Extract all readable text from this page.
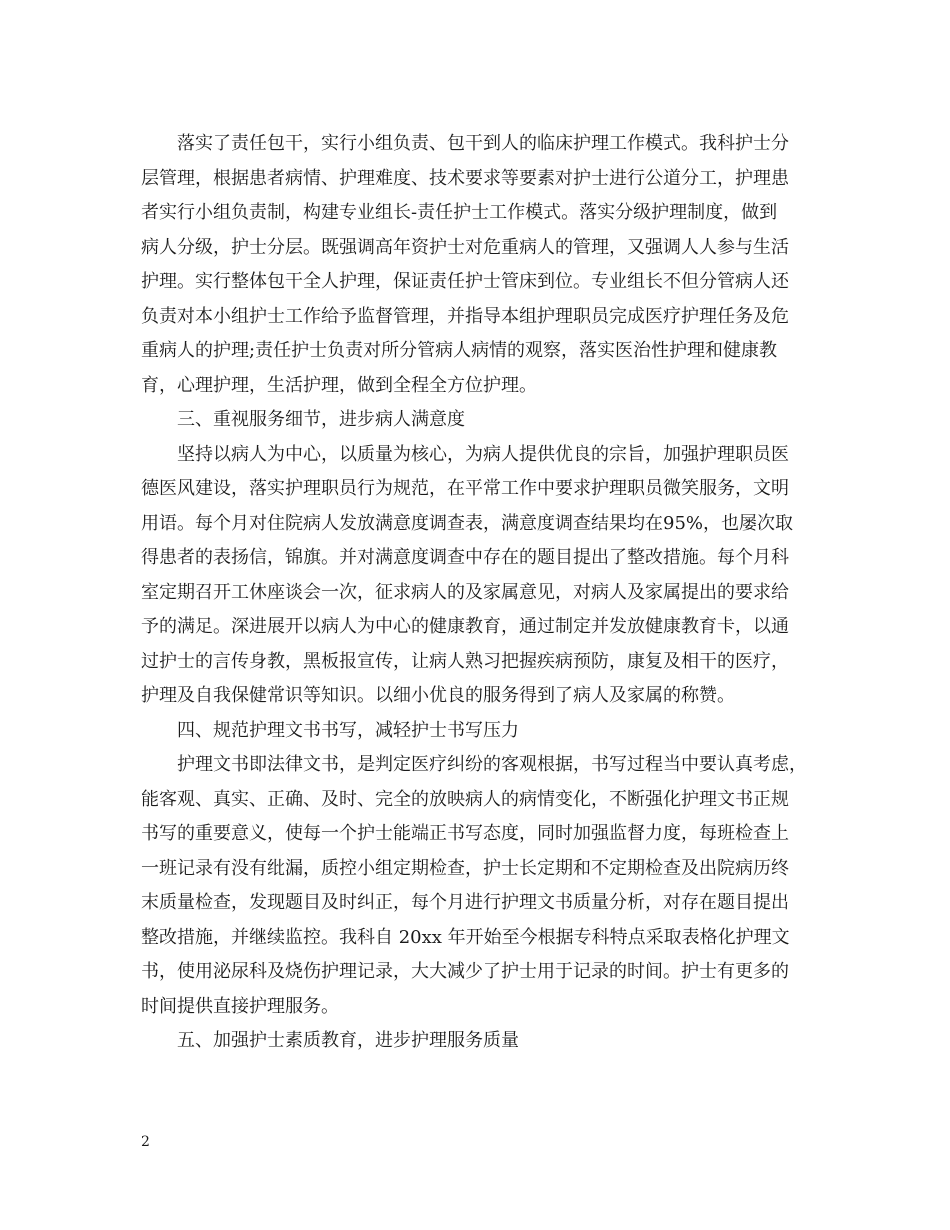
落实了责任包干，实行小组负责、包干到人的临床护理工作模式。我科护士分
层管理，根据患者病情、护理难度、技术要求等要素对护士进行公道分工，护理患
者实行小组负责制，构建专业组长-责任护士工作模式。落实分级护理制度，做到
病人分级，护士分层。既强调高年资护士对危重病人的管理，又强调人人参与生活
护理。实行整体包干全人护理，保证责任护士管床到位。专业组长不但分管病人还
负责对本小组护士工作给予监督管理，并指导本组护理职员完成医疗护理任务及危
重病人的护理;责任护士负责对所分管病人病情的观察，落实医治性护理和健康教
育，心理护理，生活护理，做到全程全方位护理。
三、重视服务细节，进步病人满意度
坚持以病人为中心，以质量为核心，为病人提供优良的宗旨，加强护理职员医
德医风建设，落实护理职员行为规范，在平常工作中要求护理职员微笑服务，文明
用语。每个月对住院病人发放满意度调查表，满意度调查结果均在95%，也屡次取
得患者的表扬信，锦旗。并对满意度调查中存在的题目提出了整改措施。每个月科
室定期召开工休座谈会一次，征求病人的及家属意见，对病人及家属提出的要求给
予的满足。深进展开以病人为中心的健康教育，通过制定并发放健康教育卡，以通
过护士的言传身教，黑板报宣传，让病人熟习把握疾病预防，康复及相干的医疗，
护理及自我保健常识等知识。以细小优良的服务得到了病人及家属的称赞。
四、规范护理文书书写，减轻护士书写压力
护理文书即法律文书，是判定医疗纠纷的客观根据，书写过程当中要认真考虑，
能客观、真实、正确、及时、完全的放映病人的病情变化，不断强化护理文书正规
书写的重要意义，使每一个护士能端正书写态度，同时加强监督力度，每班检查上
一班记录有没有纰漏，质控小组定期检查，护士长定期和不定期检查及出院病历终
末质量检查，发现题目及时纠正，每个月进行护理文书质量分析，对存在题目提出
整改措施，并继续监控。我科自 20xx 年开始至今根据专科特点采取表格化护理文
书，使用泌尿科及烧伤护理记录，大大减少了护士用于记录的时间。护士有更多的
时间提供直接护理服务。
五、加强护士素质教育，进步护理服务质量
2
